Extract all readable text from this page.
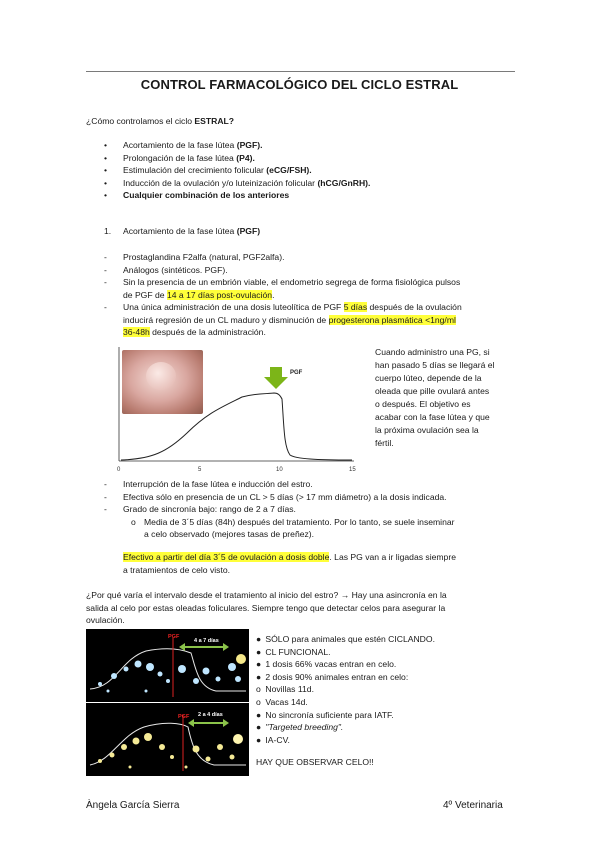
CONTROL FARMACOLÓGICO DEL CICLO ESTRAL
¿Cómo controlamos el ciclo ESTRAL?
• Acortamiento de la fase lútea (PGF).
• Prolongación de la fase lútea (P4).
• Estimulación del crecimiento folicular (eCG/FSH).
• Inducción de la ovulación y/o luteinización folicular (hCG/GnRH).
• Cualquier combinación de los anteriores
1. Acortamiento de la fase lútea (PGF)
- Prostaglandina F2alfa (natural, PGF2alfa).
- Análogos (sintéticos. PGF).
- Sin la presencia de un embrión viable, el endometrio segrega de forma fisiológica pulsos
de PGF de 14 a 17 días post-ovulación.
- Una única administración de una dosis luteolítica de PGF 5 días después de la ovulación
inducirá regresión de un CL maduro y disminución de progesterona plasmática <1ng/ml
36-48h después de la administración.
PGF
0	5	10	15
Cuando administro una PG, si
han pasado 5 días se llegará el
cuerpo lúteo, depende de la
oleada que pille ovulará antes
o después. El objetivo es
acabar con la fase lútea y que
la próxima ovulación sea la
fértil.
- Interrupción de la fase lútea e inducción del estro.
- Efectiva sólo en presencia de un CL > 5 días (> 17 mm diámetro) a la dosis indicada.
- Grado de sincronía bajo: rango de 2 a 7 días.
o Media de 3´5 días (84h) después del tratamiento. Por lo tanto, se suele inseminar
a celo observado (mejores tasas de preñez).
Efectivo a partir del día 3´5 de ovulación a dosis doble. Las PG van a ir ligadas siempre
a tratamientos de celo visto.
¿Por qué varía el intervalo desde el tratamiento al inicio del estro? → Hay una asincronía en la
salida al celo por estas oleadas foliculares. Siempre tengo que detectar celos para asegurar la
ovulación.
PGF
4 a 7 días
PGF 2 a 4 días
● SÓLO para animales que estén CICLANDO.
● CL FUNCIONAL.
● 1 dosis 66% vacas entran en celo.
● 2 dosis 90% animales entran en celo:
o Novillas 11d.
o Vacas 14d.
● No sincronía suficiente para IATF.
● "Targeted breeding".
● IA-CV.
HAY QUE OBSERVAR CELO!!
Àngela García Sierra	4º Veterinaria
